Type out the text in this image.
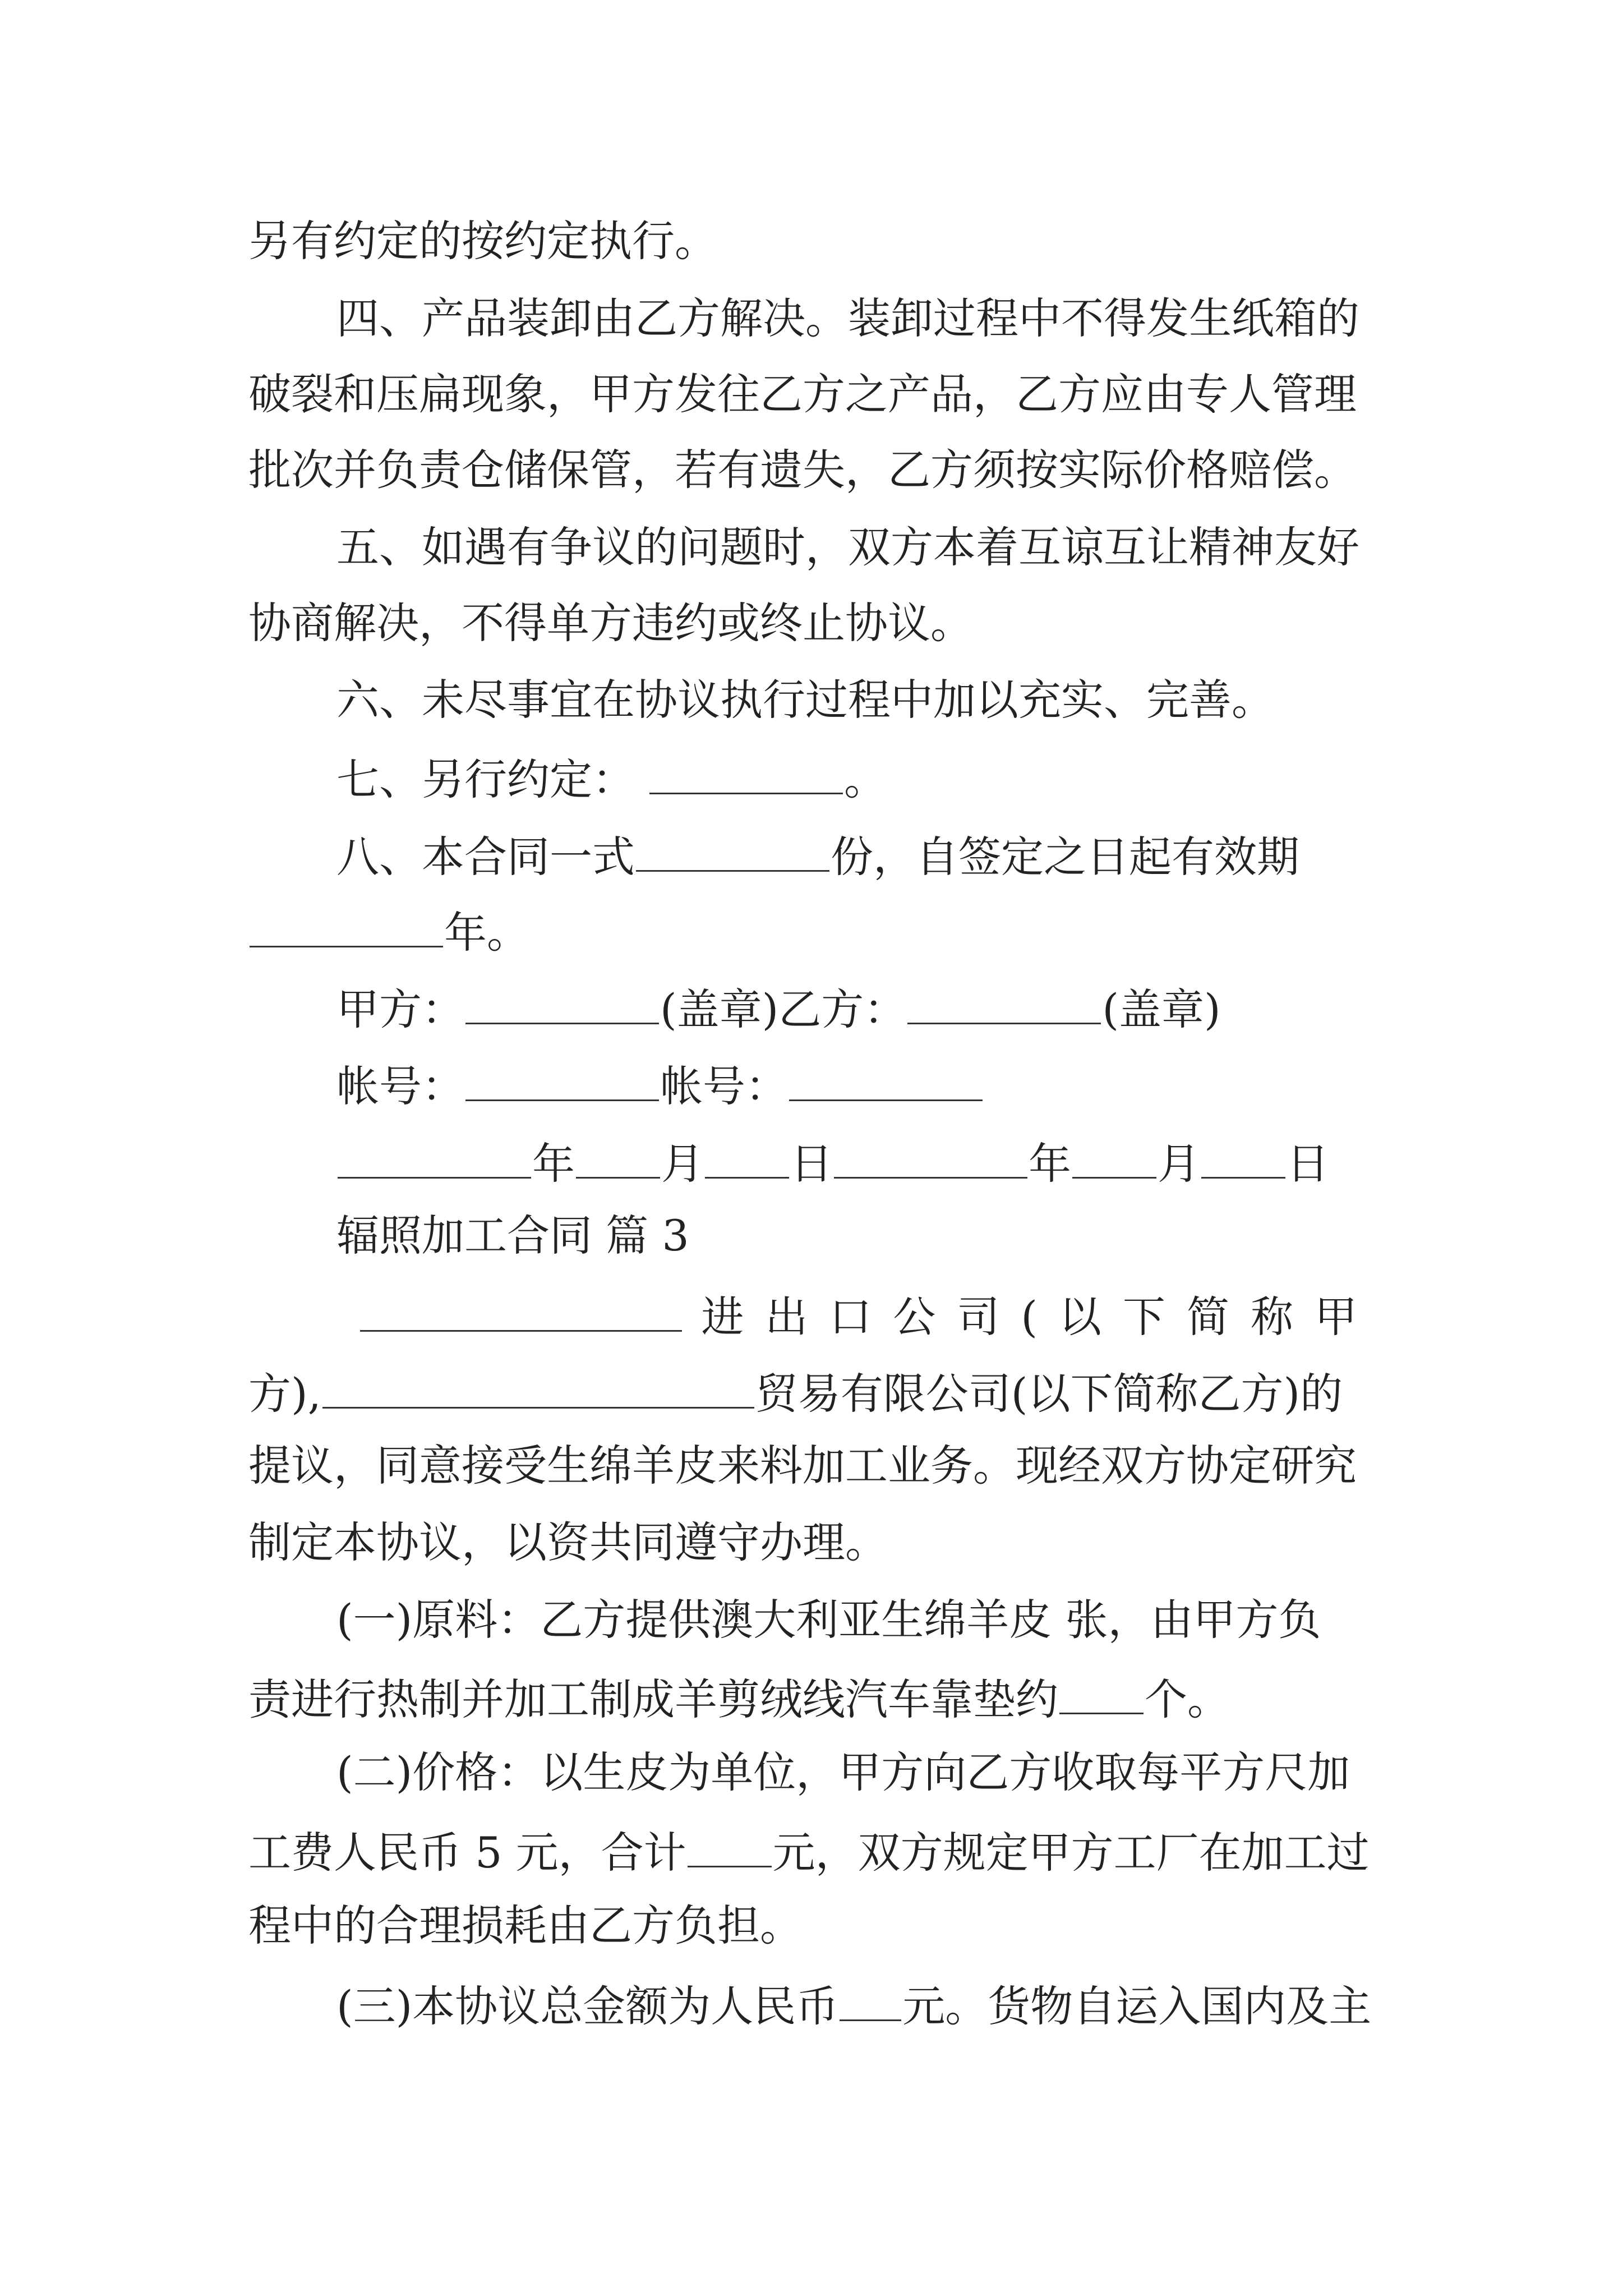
另有约定的按约定执行。
四、产品装卸由乙方解决。装卸过程中不得发生纸箱的
破裂和压扁现象，甲方发往乙方之产品，乙方应由专人管理
批次并负责仓储保管，若有遗失，乙方须按实际价格赔偿。
五、如遇有争议的问题时，双方本着互谅互让精神友好
协商解决，不得单方违约或终止协议。
六、未尽事宜在协议执行过程中加以充实、完善。
七、另行约定：	。
八、本合同一式	份，自签定之日起有效期
年。
甲方：	(盖章)乙方：	(盖章)
帐号：	帐号：
年 月 日	年 月 日
辐照加工合同 篇 3
进出口公司(以下简称甲
方),	贸易有限公司(以下简称乙方)的
提议，同意接受生绵羊皮来料加工业务。现经双方协定研究
制定本协议，以资共同遵守办理。
(一)原料：乙方提供澳大利亚生绵羊皮 张，由甲方负
责进行热制并加工制成羊剪绒线汽车靠垫约 个。
(二)价格：以生皮为单位，甲方向乙方收取每平方尺加
工费人民币 5 元，合计 元，双方规定甲方工厂在加工过
程中的合理损耗由乙方负担。
(三)本协议总金额为人民币 元。货物自运入国内及主
